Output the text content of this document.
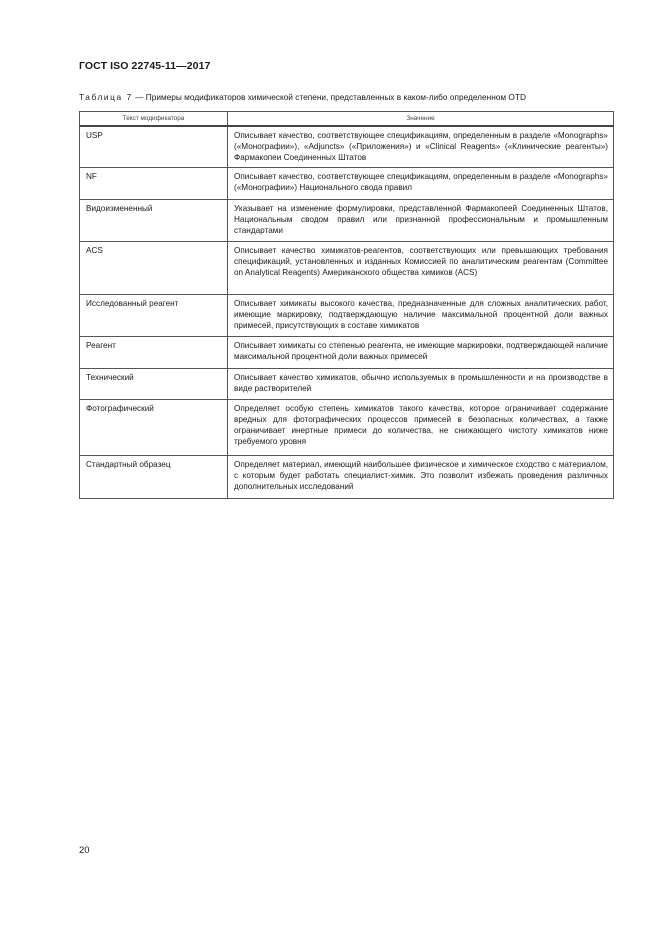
ГОСТ ISO 22745-11—2017
Таблица 7 — Примеры модификаторов химической степени, представленных в каком-либо определенном OTD
Текст модификатора	Значение
USP	Описывает качество, соответствующее спецификациям, определенным в разделе «Monographs» («Монографии»), «Adjuncts» («Приложения») и «Clinical Reagents» («Клинические реагенты») Фармакопеи Соединенных Штатов
NF	Описывает качество, соответствующее спецификациям, определенным в разделе «Monographs» («Монографии») Национального свода правил
Видоизмененный	Указывает на изменение формулировки, представленной Фармакопеей Соединенных Штатов, Национальным сводом правил или признанной профессиональным и промышленным стандартами
ACS	Описывает качество химикатов-реагентов, соответствующих или превышающих требования спецификаций, установленных и изданных Комиссией по аналитическим реагентам (Committee on Analytical Reagents) Американского общества химиков (ACS)
Исследованный реагент	Описывает химикаты высокого качества, предназначенные для сложных аналитических работ, имеющие маркировку, подтверждающую наличие максимальной процентной доли важных примесей, присутствующих в составе химикатов
Реагент	Описывает химикаты со степенью реагента, не имеющие маркировки, подтверждающей наличие максимальной процентной доли важных примесей
Технический	Описывает качество химикатов, обычно используемых в промышленности и на производстве в виде растворителей
Фотографический	Определяет особую степень химикатов такого качества, которое ограничивает содержание вредных для фотографических процессов примесей в безопасных количествах, а также ограничивает инертные примеси до количества, не снижающего чистоту химикатов ниже требуемого уровня
Стандартный образец	Определяет материал, имеющий наибольшее физическое и химическое сходство с материалом, с которым будет работать специалист-химик. Это позволит избежать проведения различных дополнительных исследований
20
